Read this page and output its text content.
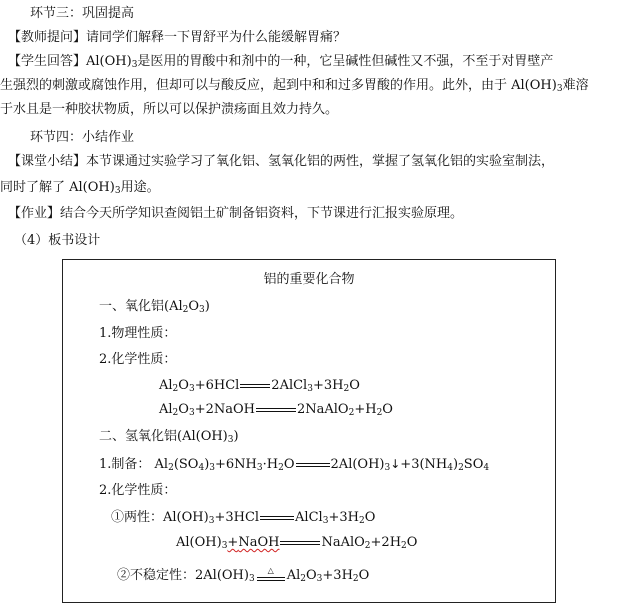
环节三：巩固提高
【教师提问】请同学们解释一下胃舒平为什么能缓解胃痛？
【学生回答】$Al(OH)_3$是医用的胃酸中和剂中的一种，它呈碱性但碱性又不强，不至于对胃壁产
生强烈的刺激或腐蚀作用，但却可以与酸反应，起到中和和过多胃酸的作用。此外，由于 $Al(OH)_3$难溶
于水且是一种胶状物质，所以可以保护溃疡面且效力持久。
环节四：小结作业
【课堂小结】本节课通过实验学习了氧化铝、氢氧化铝的两性，掌握了氢氧化铝的实验室制法，
同时了解了 $Al(OH)_3$用途。
【作业】结合今天所学知识查阅铝土矿制备铝资料，下节课进行汇报实验原理。
（4）板书设计
铝的重要化合物
一、氧化铝$(Al_2O_3)$
1.物理性质：
2.化学性质：
$Al_2O_3+6HCl$ $2AlCl_3+3H_2O$
$Al_2O_3+2NaOH$	$2NaAlO_2+H_2O$
二、氢氧化铝$(Al(OH)_3)$
1.制备： $Al_2(SO_4)_3+6NH_3\cdot H_2O$	$2Al(OH)_3↓+3(NH_4)_2SO_4$
2.化学性质：
①两性：$Al(OH)_3+3HCl$	$AlCl_3+3H_2O$
$Al(OH)_3+NaOH$	$NaAlO_2+2H_2O$
②不稳定性：$2Al(OH)_3$
△ $Al_2O_3+3H_2O$
